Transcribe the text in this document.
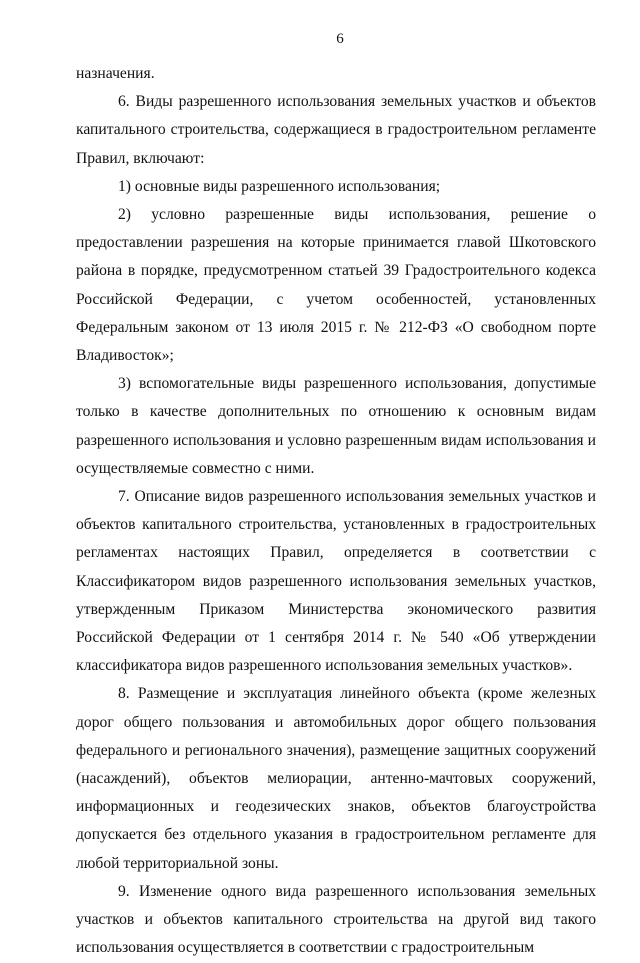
6

назначения.

6. Виды разрешенного использования земельных участков и объектов капитального строительства, содержащиеся в градостроительном регламенте Правил, включают:

1) основные виды разрешенного использования;

2) условно разрешенные виды использования, решение о предоставлении разрешения на которые принимается главой Шкотовского района в порядке, предусмотренном статьей 39 Градостроительного кодекса Российской Федерации, с учетом особенностей, установленных Федеральным законом от 13 июля 2015 г. № 212-ФЗ «О свободном порте Владивосток»;

3) вспомогательные виды разрешенного использования, допустимые только в качестве дополнительных по отношению к основным видам разрешенного использования и условно разрешенным видам использования и осуществляемые совместно с ними.

7. Описание видов разрешенного использования земельных участков и объектов капитального строительства, установленных в градостроительных регламентах настоящих Правил, определяется в соответствии с Классификатором видов разрешенного использования земельных участков, утвержденным Приказом Министерства экономического развития Российской Федерации от 1 сентября 2014 г. № 540 «Об утверждении классификатора видов разрешенного использования земельных участков».

8. Размещение и эксплуатация линейного объекта (кроме железных дорог общего пользования и автомобильных дорог общего пользования федерального и регионального значения), размещение защитных сооружений (насаждений), объектов мелиорации, антенно-мачтовых сооружений, информационных и геодезических знаков, объектов благоустройства допускается без отдельного указания в градостроительном регламенте для любой территориальной зоны.

9. Изменение одного вида разрешенного использования земельных участков и объектов капитального строительства на другой вид такого использования осуществляется в соответствии с градостроительным
